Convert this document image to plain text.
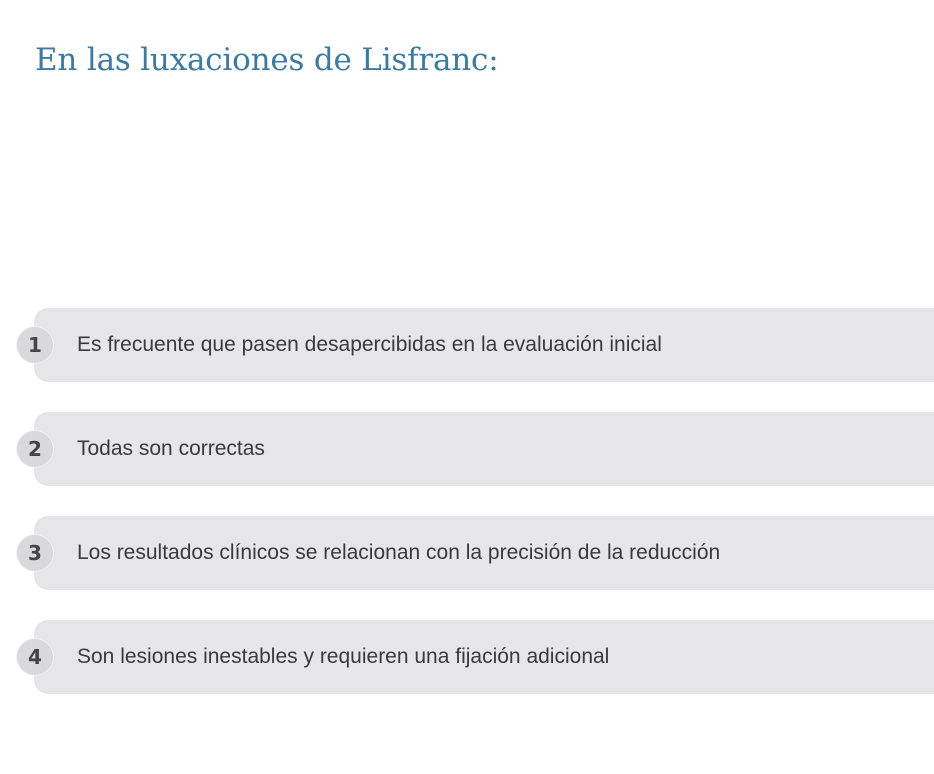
En las luxaciones de Lisfranc:
1	Es frecuente que pasen desapercibidas en la evaluación inicial
2	Todas son correctas
3	Los resultados clínicos se relacionan con la precisión de la reducción
4	Son lesiones inestables y requieren una fijación adicional
